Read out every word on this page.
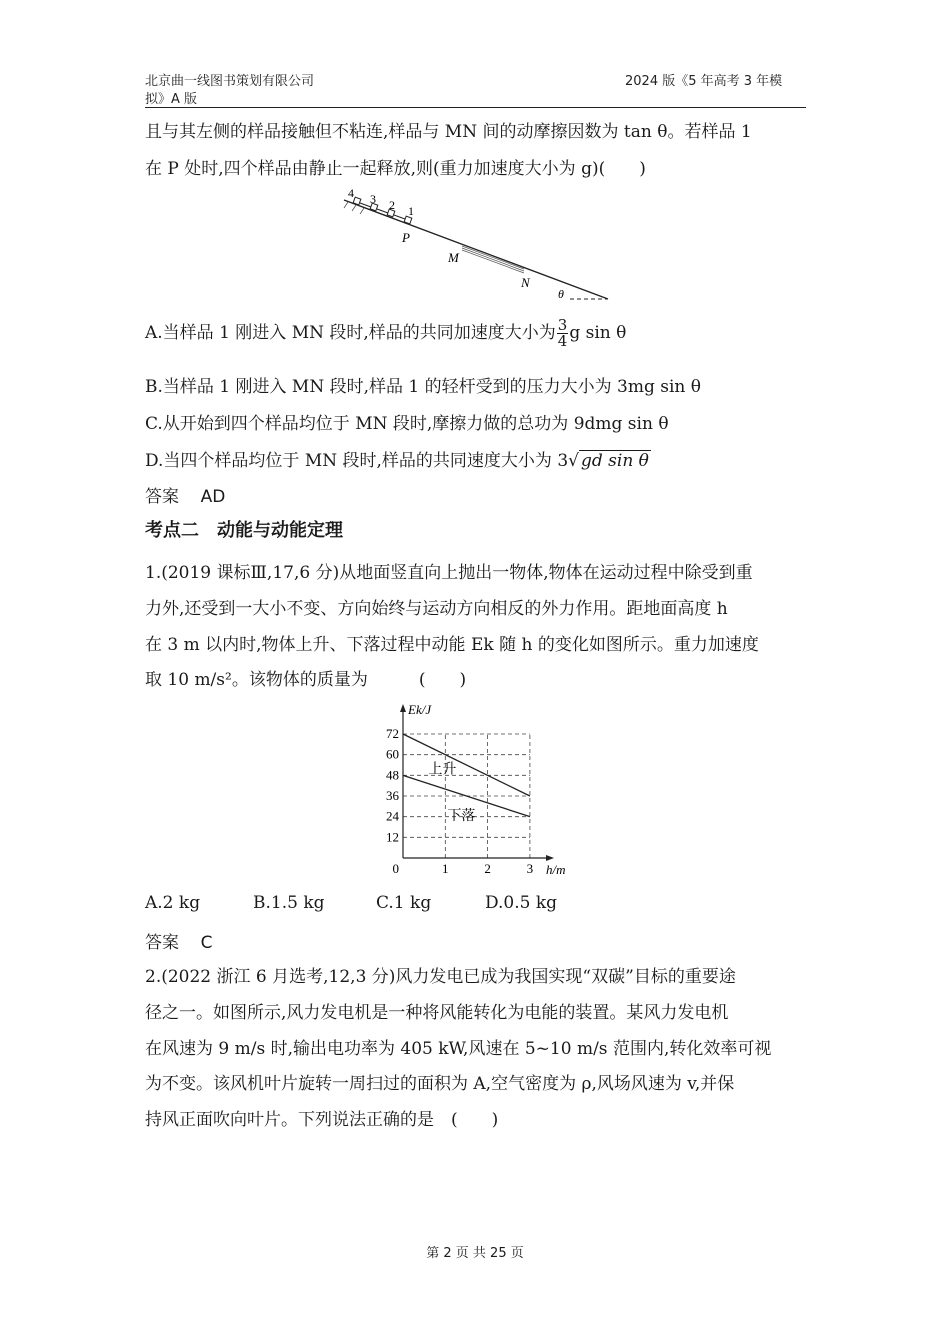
北京曲一线图书策划有限公司
拟》A 版
2024 版《5 年高考 3 年模
且与其左侧的样品接触但不粘连,样品与 MN 间的动摩擦因数为 tan θ。若样品 1
在 P 处时,四个样品由静止一起释放,则(重力加速度大小为 g)(　　)
4 3 2 1
P
M
N
θ
A.当样品 1 刚进入 MN 段时,样品的共同加速度大小为 $\frac{3}{4}$ g sin θ
B.当样品 1 刚进入 MN 段时,样品 1 的轻杆受到的压力大小为 3mg sin θ
C.从开始到四个样品均位于 MN 段时,摩擦力做的总功为 9dmg sin θ
D.当四个样品均位于 MN 段时,样品的共同速度大小为 3√ gd sin θ
答案 AD
考点二　动能与动能定理
1.(2019 课标Ⅲ,17,6 分)从地面竖直向上抛出一物体,物体在运动过程中除受到重
力外,还受到一大小不变、方向始终与运动方向相反的外力作用。距地面高度 h
在 3 m 以内时,物体上升、下落过程中动能 Ek 随 h 的变化如图所示。重力加速度
取 10 m/s²。该物体的质量为　　　(　　)
12
24
36
48
60
72
1	2	3
上升
下落
0	h/m
Ek/J
A.2 kg	B.1.5 kg	C.1 kg	D.0.5 kg
答案 C
2.(2022 浙江 6 月选考,12,3 分)风力发电已成为我国实现“双碳”目标的重要途
径之一。如图所示,风力发电机是一种将风能转化为电能的装置。某风力发电机
在风速为 9 m/s 时,输出电功率为 405 kW,风速在 5~10 m/s 范围内,转化效率可视
为不变。该风机叶片旋转一周扫过的面积为 A,空气密度为 ρ,风场风速为 v,并保
持风正面吹向叶片。下列说法正确的是　(　　)
第 2 页 共 25 页
